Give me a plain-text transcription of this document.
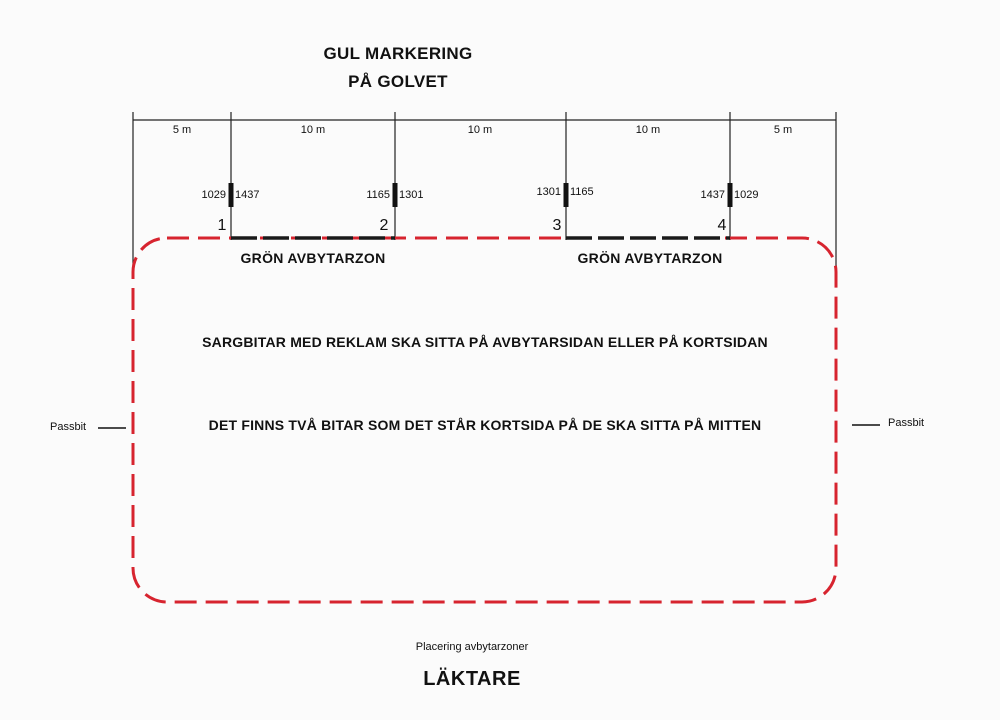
GUL MARKERING
PÅ GOLVET
5 m	10 m	10 m	10 m	5 m
1029 1437	1165 1301	1301 1165	1437 1029
1	2	3	4
GRÖN AVBYTARZON	GRÖN AVBYTARZON
SARGBITAR MED REKLAM SKA SITTA PÅ AVBYTARSIDAN ELLER PÅ KORTSIDAN
DET FINNS TVÅ BITAR SOM DET STÅR KORTSIDA PÅ DE SKA SITTA PÅ MITTEN
Passbit	Passbit
Placering avbytarzoner
LÄKTARE
